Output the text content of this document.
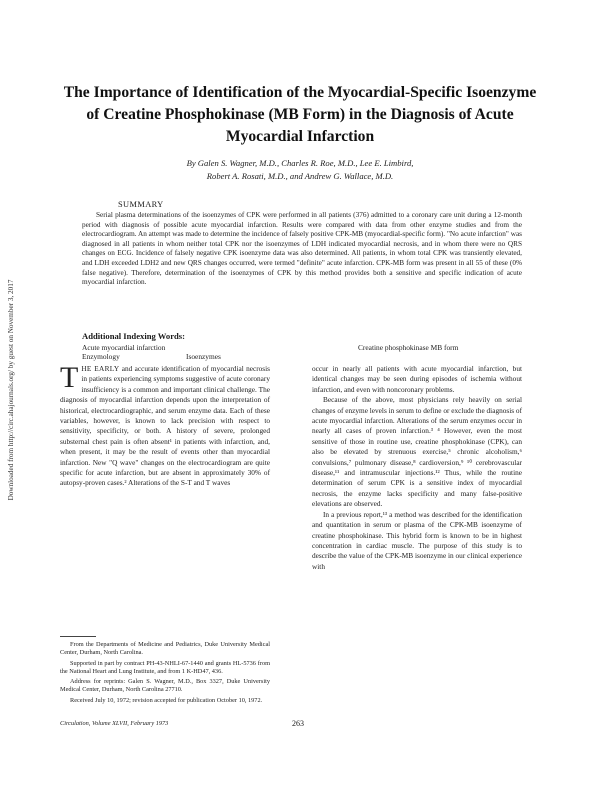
Downloaded from http://circ.ahajournals.org/ by guest on November 3, 2017
The Importance of Identification of the Myocardial-Specific Isoenzyme of Creatine Phosphokinase (MB Form) in the Diagnosis of Acute Myocardial Infarction

By Galen S. Wagner, M.D., Charles R. Roe, M.D., Lee E. Limbird,
Robert A. Rosati, M.D., and Andrew G. Wallace, M.D.

SUMMARY

Serial plasma determinations of the isoenzymes of CPK were performed in all patients (376) admitted to a coronary care unit during a 12-month period with diagnosis of possible acute myocardial infarction. Results were compared with data from other enzyme studies and from the electrocardiogram. An attempt was made to determine the incidence of falsely positive CPK-MB (myocardial-specific form). "No acute infarction" was diagnosed in all patients in whom neither total CPK nor the isoenzymes of LDH indicated myocardial necrosis, and in whom there were no QRS changes on ECG. Incidence of falsely negative CPK isoenzyme data was also determined. All patients, in whom total CPK was transiently elevated, and LDH exceeded LDH2 and new QRS changes occurred, were termed "definite" acute infarction. CPK-MB form was present in all 55 of these (0% false negative). Therefore, determination of the isoenzymes of CPK by this method provides both a sensitive and specific indication of acute myocardial infarction.

Additional Indexing Words:

Acute myocardial infarction	Creatine phosphokinase MB form

Enzymology	Isoenzymes

THE EARLY and accurate identification of myocardial necrosis in patients experiencing symptoms suggestive of acute coronary insufficiency is a common and important clinical challenge. The diagnosis of myocardial infarction depends upon the interpretation of historical, electrocardiographic, and serum enzyme data. Each of these variables, however, is known to lack precision with respect to sensitivity, specificity, or both. A history of severe, prolonged substernal chest pain is often absent¹ in patients with infarction, and, when present, it may be the result of events other than myocardial infarction. New "Q wave" changes on the electrocardiogram are quite specific for acute infarction, but are absent in approximately 30% of autopsy-proven cases.² Alterations of the S-T and T waves

From the Departments of Medicine and Pediatrics, Duke University Medical Center, Durham, North Carolina.

Supported in part by contract PH-43-NHLI-67-1440 and grants HL-5736 from the National Heart and Lung Institute, and from 1 K-HD47, 436.

Address for reprints: Galen S. Wagner, M.D., Box 3327, Duke University Medical Center, Durham, North Carolina 27710.

Received July 10, 1972; revision accepted for publication October 10, 1972.

occur in nearly all patients with acute myocardial infarction, but identical changes may be seen during episodes of ischemia without infarction, and even with noncoronary problems.

Because of the above, most physicians rely heavily on serial changes of enzyme levels in serum to define or exclude the diagnosis of acute myocardial infarction. Alterations of the serum enzymes occur in nearly all cases of proven infarction.³ ⁴ However, even the most sensitive of those in routine use, creatine phosphokinase (CPK), can also be elevated by strenuous exercise,⁵ chronic alcoholism,⁶ convulsions,⁷ pulmonary disease,⁸ cardioversion,⁹ ¹⁰ cerebrovascular disease,¹¹ and intramuscular injections.¹² Thus, while the routine determination of serum CPK is a sensitive index of myocardial necrosis, the enzyme lacks specificity and many false-positive elevations are observed.

In a previous report,¹³ a method was described for the identification and quantitation in serum or plasma of the CPK-MB isoenzyme of creatine phosphokinase. This hybrid form is known to be in highest concentration in cardiac muscle. The purpose of this study is to describe the value of the CPK-MB isoenzyme in our clinical experience with

Circulation, Volume XLVII, February 1973	263
